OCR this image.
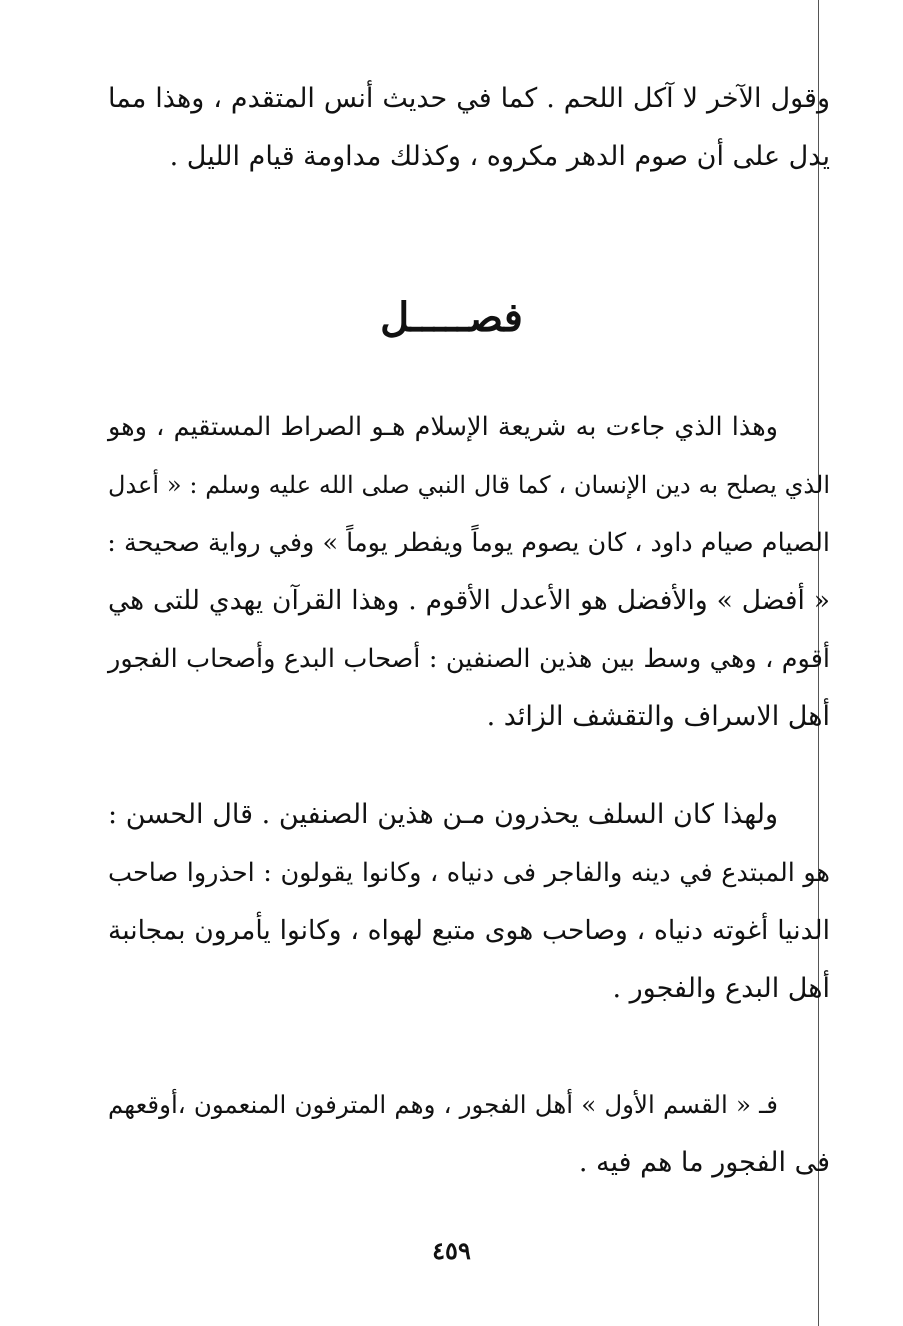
وقول الآخر لا آكل اللحم . كما في حديث أنس المتقدم ، وهذا مما
يدل على أن صوم الدهر مكروه ، وكذلك مداومة قيام الليل .
فصـــــل
وهذا الذي جاءت به شريعة الإسلام هـو الصراط المستقيم ، وهو
الذي يصلح به دين الإنسان ، كما قال النبي صلى الله عليه وسلم : « أعدل
الصيام صيام داود ، كان يصوم يوماً ويفطر يوماً » وفي رواية صحيحة :
« أفضل » والأفضل هو الأعدل الأقوم . وهذا القرآن يهدي للتى هي
أقوم ، وهي وسط بين هذين الصنفين : أصحاب البدع وأصحاب الفجور
أهل الاسراف والتقشف الزائد .
ولهذا كان السلف يحذرون مـن هذين الصنفين . قال الحسن :
هو المبتدع في دينه والفاجر فى دنياه ، وكانوا يقولون : احذروا صاحب
الدنيا أغوته دنياه ، وصاحب هوى متبع لهواه ، وكانوا يأمرون بمجانبة
أهل البدع والفجور .
فـ « القسم الأول » أهل الفجور ، وهم المترفون المنعمون ،أوقعهم
فى الفجور ما هم فيه .
٤٥٩
